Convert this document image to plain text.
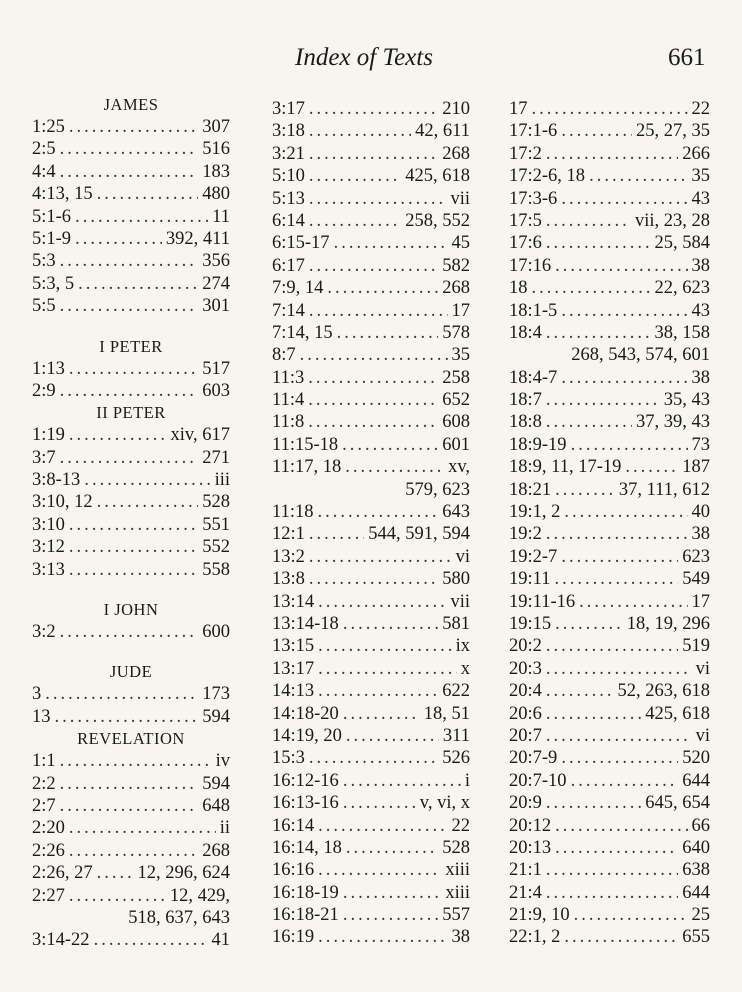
Index of Texts	661
JAMES
1:25 .....	307
2:5 .....	516
4:4 .....	183
4:13, 15 .....	480
5:1-6 .....	11
5:1-9 .....	392, 411
5:3 .....	356
5:3, 5 .....	274
5:5 .....	301
I PETER
1:13 .....	517
2:9 .....	603
II PETER
1:19 .....	xiv, 617
3:7 .....	271
3:8-13 .....	iii
3:10, 12 .....	528
3:10 .....	551
3:12 .....	552
3:13 .....	558
I JOHN
3:2 .....	600
JUDE
3 .....	173
13 .....	594
REVELATION
1:1 .....	iv
2:2 .....	594
2:7 .....	648
2:20 .....	ii
2:26 .....	268
2:26, 27 ..... 12, 296, 624
2:27 .....	12, 429,
518, 637, 643
3:14-22 .....	41
3:17 .....	210
3:18 .....	42, 611
3:21 .....	268
5:10 .....	425, 618
5:13 .....	vii
6:14 .....	258, 552
6:15-17 .....	45
6:17 .....	582
7:9, 14 .....	268
7:14 .....	17
7:14, 15 .....	578
8:7 .....	35
11:3 .....	258
11:4 .....	652
11:8 .....	608
11:15-18 .....	601
11:17, 18 .....	xv,
579, 623
11:18 .....	643
12:1 .....	544, 591, 594
13:2 .....	vi
13:8 .....	580
13:14 .....	vii
13:14-18 .....	581
13:15 .....	ix
13:17 .....	x
14:13 .....	622
14:18-20 .....	18, 51
14:19, 20 .....	311
15:3 .....	526
16:12-16 .....	i
16:13-16 .....	v, vi, x
16:14 .....	22
16:14, 18 .....	528
16:16 .....	xiii
16:18-19 .....	xiii
16:18-21 .....	557
16:19 .....	38
17 .....	22
17:1-6 .....	25, 27, 35
17:2 .....	266
17:2-6, 18 .....	35
17:3-6 .....	43
17:5 .....	vii, 23, 28
17:6 .....	25, 584
17:16 .....	38
18 .....	22, 623
18:1-5 .....	43
18:4 .....	38, 158
268, 543, 574, 601
18:4-7 .....	38
18:7 .....	35, 43
18:8 .....	37, 39, 43
18:9-19 .....	73
18:9, 11, 17-19 .....	187
18:21 .....	37, 111, 612
19:1, 2 .....	40
19:2 .....	38
19:2-7 .....	623
19:11 .....	549
19:11-16 .....	17
19:15 .....	18, 19, 296
20:2 .....	519
20:3 .....	vi
20:4 .....	52, 263, 618
20:6 .....	425, 618
20:7 .....	vi
20:7-9 .....	520
20:7-10 .....	644
20:9 .....	645, 654
20:12 .....	66
20:13 .....	640
21:1 .....	638
21:4 .....	644
21:9, 10 .....	25
22:1, 2 .....	655
